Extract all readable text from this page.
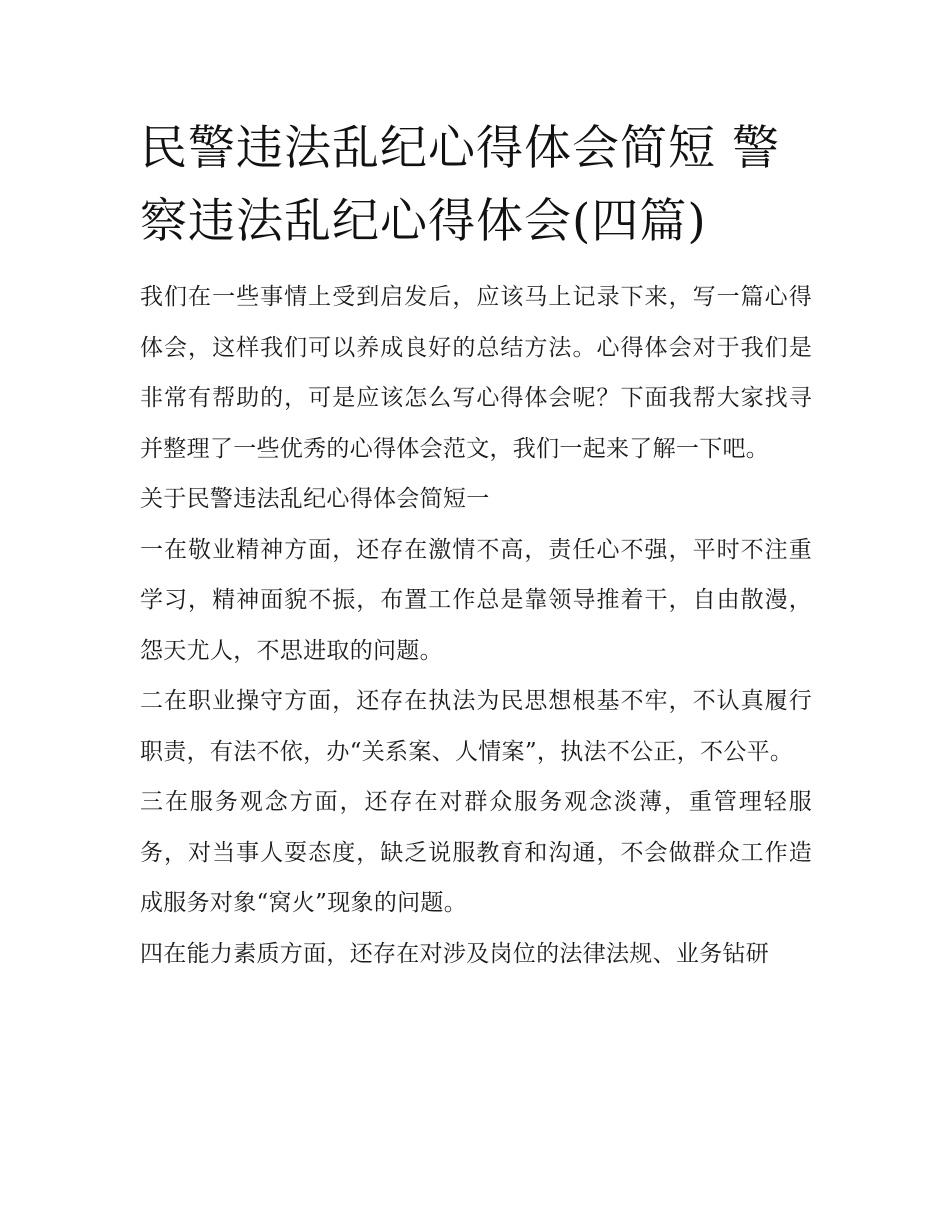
民警违法乱纪心得体会简短 警察违法乱纪心得体会(四篇)

我们在一些事情上受到启发后，应该马上记录下来，写一篇心得体会，这样我们可以养成良好的总结方法。心得体会对于我们是非常有帮助的，可是应该怎么写心得体会呢？下面我帮大家找寻并整理了一些优秀的心得体会范文，我们一起来了解一下吧。

关于民警违法乱纪心得体会简短一

一在敬业精神方面，还存在激情不高，责任心不强，平时不注重学习，精神面貌不振，布置工作总是靠领导推着干，自由散漫，怨天尤人，不思进取的问题。

二在职业操守方面，还存在执法为民思想根基不牢，不认真履行职责，有法不依，办“关系案、人情案”，执法不公正，不公平。

三在服务观念方面，还存在对群众服务观念淡薄，重管理轻服务，对当事人耍态度，缺乏说服教育和沟通，不会做群众工作造成服务对象“窝火”现象的问题。

四在能力素质方面，还存在对涉及岗位的法律法规、业务钻研
